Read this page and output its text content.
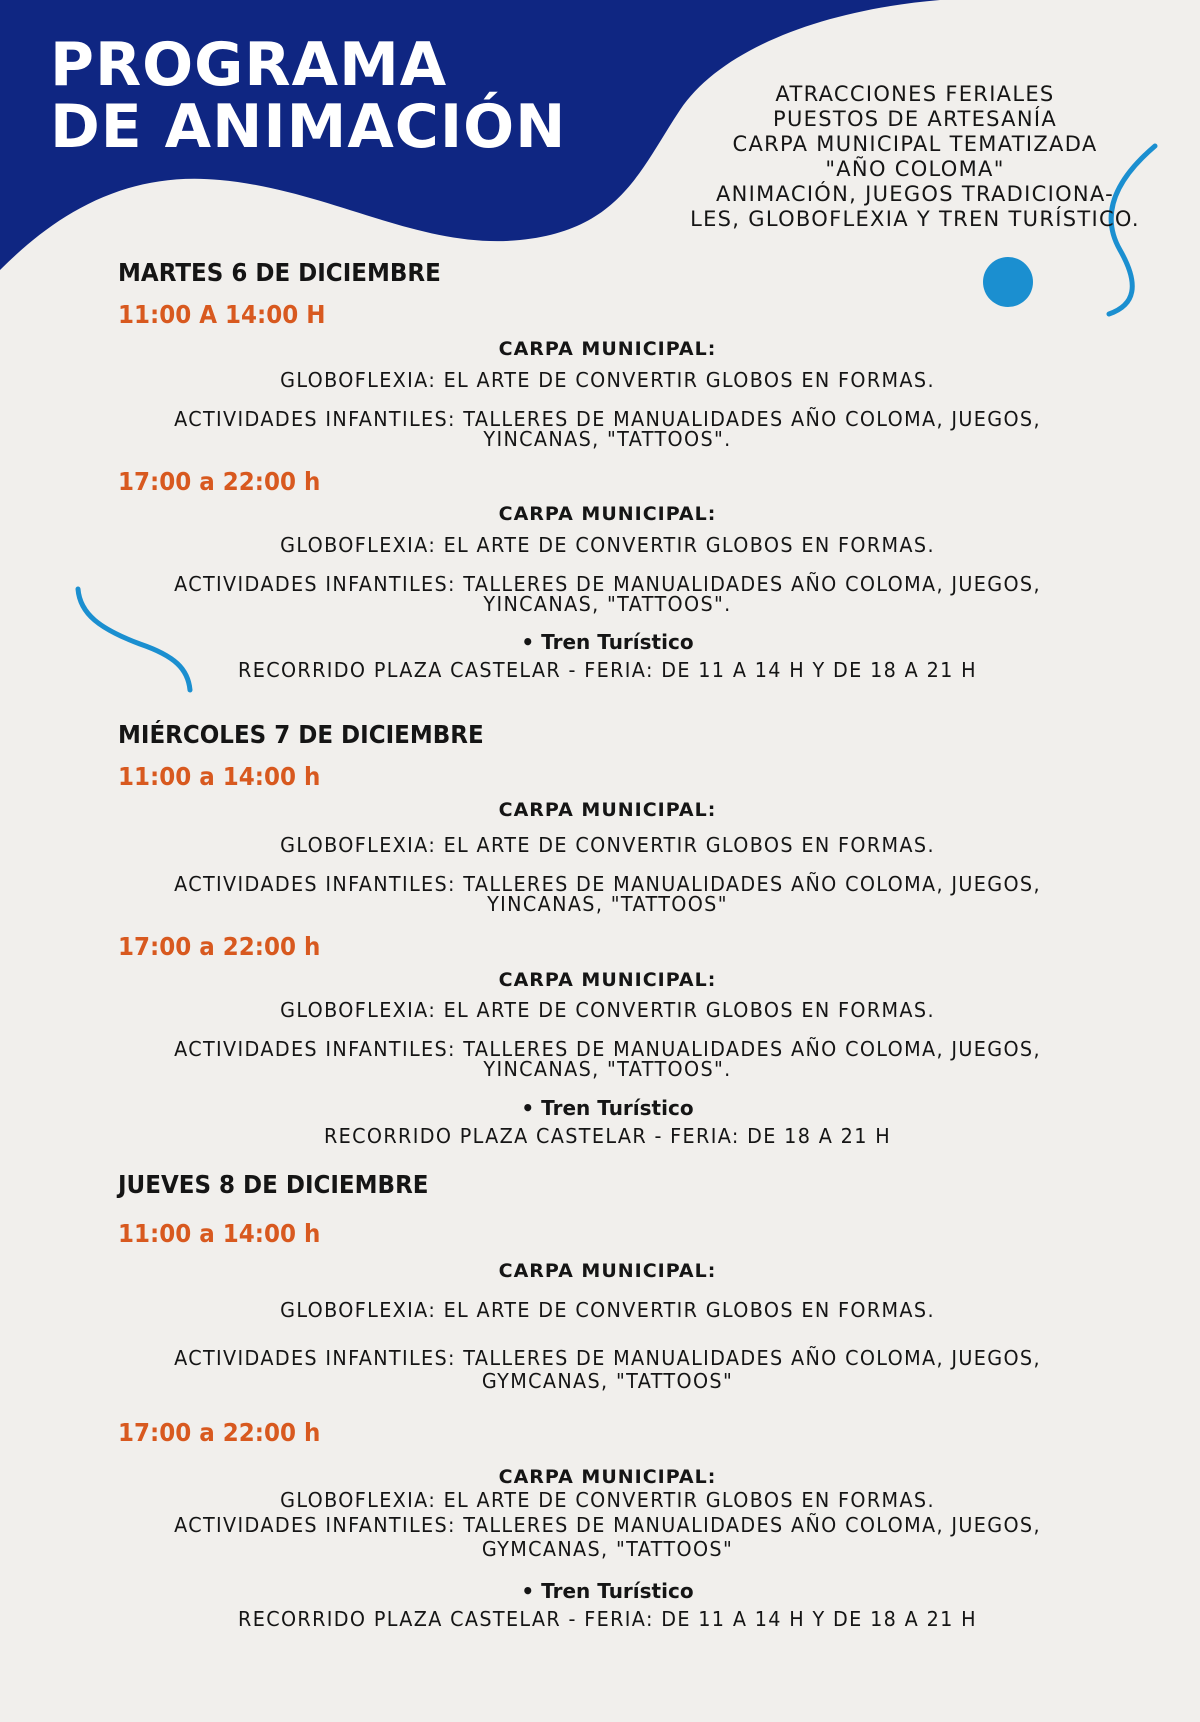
PROGRAMA
DE ANIMACIÓN	ATRACCIONES FERIALES
PUESTOS DE ARTESANÍA
CARPA MUNICIPAL TEMATIZADA
"AÑO COLOMA"
ANIMACIÓN, JUEGOS TRADICIONA-
LES, GLOBOFLEXIA Y TREN TURÍSTICO.
MARTES 6 DE DICIEMBRE
11:00 A 14:00 H
CARPA MUNICIPAL:
GLOBOFLEXIA: EL ARTE DE CONVERTIR GLOBOS EN FORMAS.
ACTIVIDADES INFANTILES: TALLERES DE MANUALIDADES AÑO COLOMA, JUEGOS,
YINCANAS, "TATTOOS".
17:00 a 22:00 h
CARPA MUNICIPAL:
GLOBOFLEXIA: EL ARTE DE CONVERTIR GLOBOS EN FORMAS.
ACTIVIDADES INFANTILES: TALLERES DE MANUALIDADES AÑO COLOMA, JUEGOS,
YINCANAS, "TATTOOS".
• Tren Turístico
RECORRIDO PLAZA CASTELAR - FERIA: DE 11 A 14 H Y DE 18 A 21 H
MIÉRCOLES 7 DE DICIEMBRE
11:00 a 14:00 h
CARPA MUNICIPAL:
GLOBOFLEXIA: EL ARTE DE CONVERTIR GLOBOS EN FORMAS.
ACTIVIDADES INFANTILES: TALLERES DE MANUALIDADES AÑO COLOMA, JUEGOS,
YINCANAS, "TATTOOS"
17:00 a 22:00 h
CARPA MUNICIPAL:
GLOBOFLEXIA: EL ARTE DE CONVERTIR GLOBOS EN FORMAS.
ACTIVIDADES INFANTILES: TALLERES DE MANUALIDADES AÑO COLOMA, JUEGOS,
YINCANAS, "TATTOOS".
• Tren Turístico
RECORRIDO PLAZA CASTELAR - FERIA: DE 18 A 21 H
JUEVES 8 DE DICIEMBRE
11:00 a 14:00 h
CARPA MUNICIPAL:
GLOBOFLEXIA: EL ARTE DE CONVERTIR GLOBOS EN FORMAS.
ACTIVIDADES INFANTILES: TALLERES DE MANUALIDADES AÑO COLOMA, JUEGOS,
GYMCANAS, "TATTOOS"
17:00 a 22:00 h
CARPA MUNICIPAL:
GLOBOFLEXIA: EL ARTE DE CONVERTIR GLOBOS EN FORMAS.
ACTIVIDADES INFANTILES: TALLERES DE MANUALIDADES AÑO COLOMA, JUEGOS,
GYMCANAS, "TATTOOS"
• Tren Turístico
RECORRIDO PLAZA CASTELAR - FERIA: DE 11 A 14 H Y DE 18 A 21 H
